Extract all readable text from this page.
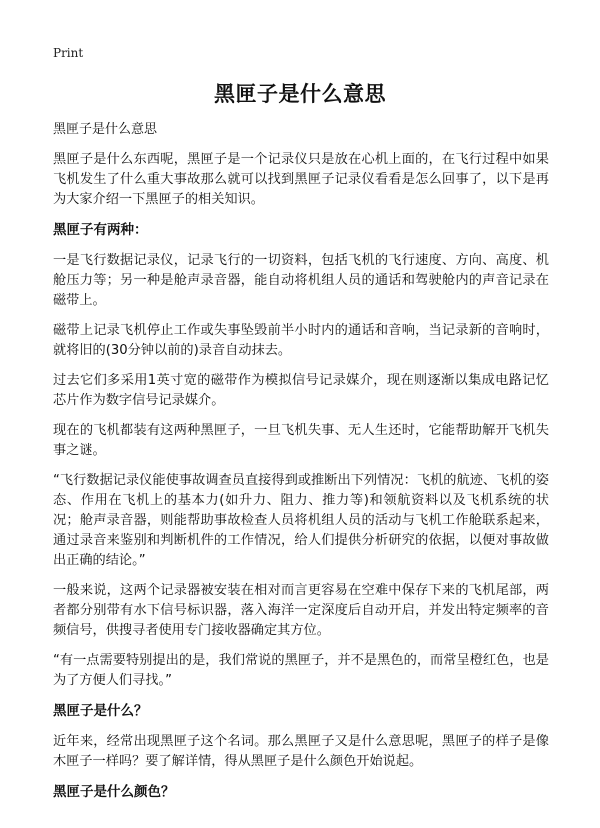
Print
黑匣子是什么意思

黑匣子是什么意思

黑匣子是什么东西呢，黑匣子是一个记录仪只是放在心机上面的，在飞行过程中如果飞机发生了什么重大事故那么就可以找到黑匣子记录仪看看是怎么回事了，以下是再为大家介绍一下黑匣子的相关知识。

黑匣子有两种：

一是飞行数据记录仪，记录飞行的一切资料，包括飞机的飞行速度、方向、高度、机舱压力等；另一种是舱声录音器，能自动将机组人员的通话和驾驶舱内的声音记录在磁带上。

磁带上记录飞机停止工作或失事坠毁前半小时内的通话和音响，当记录新的音响时，就将旧的(30分钟以前的)录音自动抹去。

过去它们多采用1英寸宽的磁带作为模拟信号记录媒介，现在则逐渐以集成电路记忆芯片作为数字信号记录媒介。

现在的飞机都装有这两种黑匣子，一旦飞机失事、无人生还时，它能帮助解开飞机失事之谜。

“飞行数据记录仪能使事故调查员直接得到或推断出下列情况：飞机的航迹、飞机的姿态、作用在飞机上的基本力(如升力、阻力、推力等)和领航资料以及飞机系统的状况；舱声录音器，则能帮助事故检查人员将机组人员的活动与飞机工作舱联系起来，通过录音来鉴别和判断机件的工作情况，给人们提供分析研究的依据，以便对事故做出正确的结论。”

一般来说，这两个记录器被安装在相对而言更容易在空难中保存下来的飞机尾部，两者都分别带有水下信号标识器，落入海洋一定深度后自动开启，并发出特定频率的音频信号，供搜寻者使用专门接收器确定其方位。

“有一点需要特别提出的是，我们常说的黑匣子，并不是黑色的，而常呈橙红色，也是为了方便人们寻找。”

黑匣子是什么？

近年来，经常出现黑匣子这个名词。那么黑匣子又是什么意思呢，黑匣子的样子是像木匣子一样吗？要了解详情，得从黑匣子是什么颜色开始说起。

黑匣子是什么颜色？
